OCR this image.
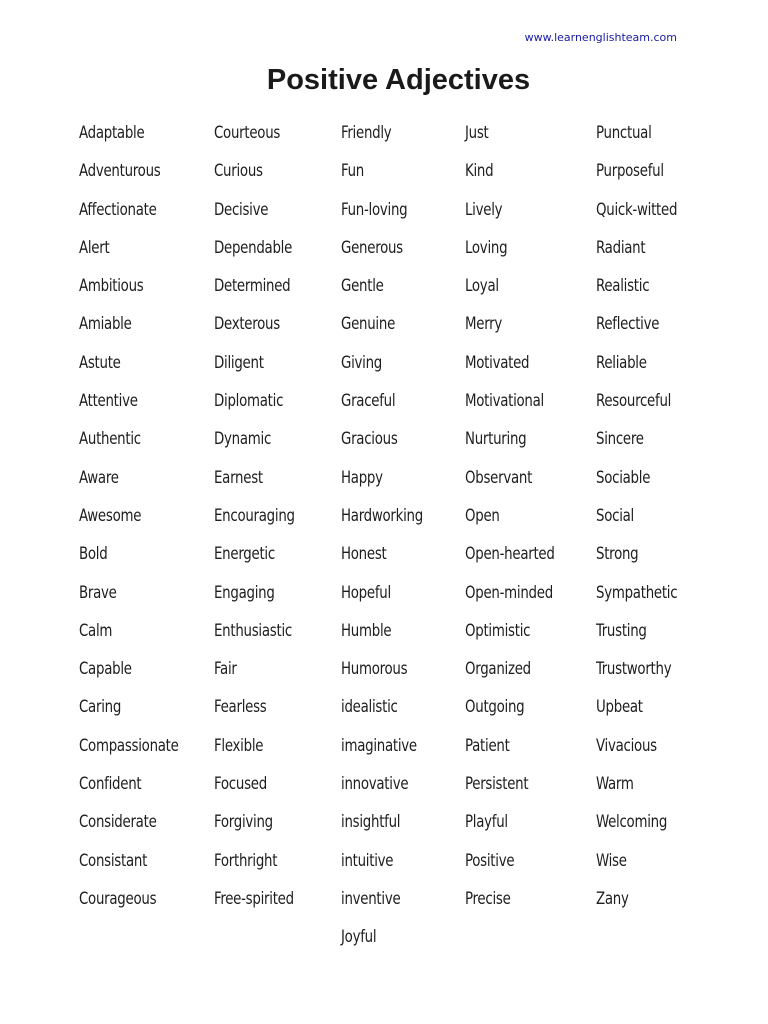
www.learnenglishteam.com
Positive Adjectives
Adaptable
Adventurous
Affectionate
Alert
Ambitious
Amiable
Astute
Attentive
Authentic
Aware
Awesome
Bold
Brave
Calm
Capable
Caring
Compassionate
Confident
Considerate
Consistant
Courageous
Courteous
Curious
Decisive
Dependable
Determined
Dexterous
Diligent
Diplomatic
Dynamic
Earnest
Encouraging
Energetic
Engaging
Enthusiastic
Fair
Fearless
Flexible
Focused
Forgiving
Forthright
Free-spirited
Friendly
Fun
Fun-loving
Generous
Gentle
Genuine
Giving
Graceful
Gracious
Happy
Hardworking
Honest
Hopeful
Humble
Humorous
idealistic
imaginative
innovative
insightful
intuitive
inventive
Joyful
Just
Kind
Lively
Loving
Loyal
Merry
Motivated
Motivational
Nurturing
Observant
Open
Open-hearted
Open-minded
Optimistic
Organized
Outgoing
Patient
Persistent
Playful
Positive
Precise
Punctual
Purposeful
Quick-witted
Radiant
Realistic
Reflective
Reliable
Resourceful
Sincere
Sociable
Social
Strong
Sympathetic
Trusting
Trustworthy
Upbeat
Vivacious
Warm
Welcoming
Wise
Zany
